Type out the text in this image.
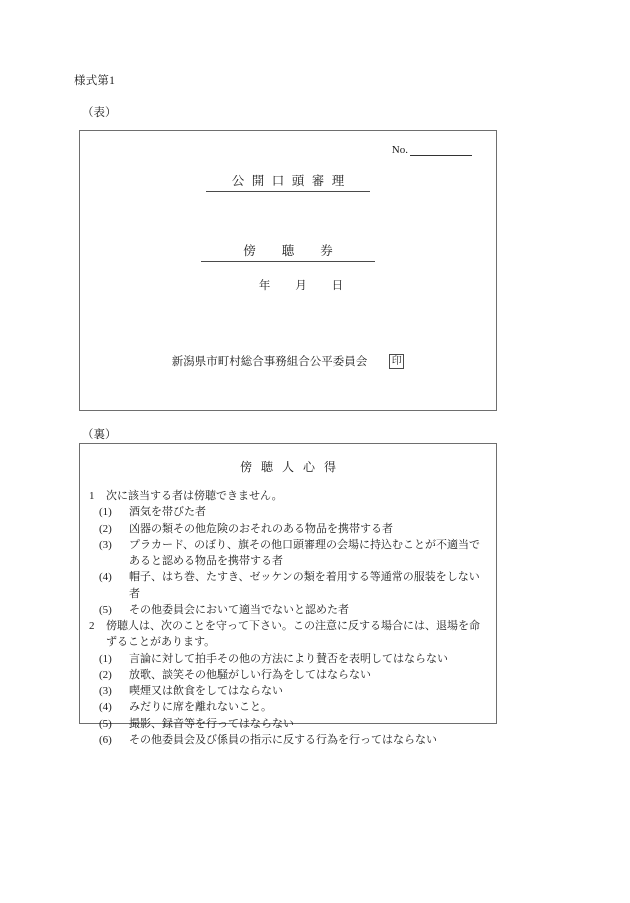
様式第1
（表）
No.
公開口頭審理
傍聴券
年 月 日
新潟県市町村総合事務組合公平委員会 印
（裏）
傍聴人心得
1	次に該当する者は傍聴できません。
(1)	酒気を帯びた者
(2)	凶器の類その他危険のおそれのある物品を携帯する者
(3)	プラカード、のぼり、旗その他口頭審理の会場に持込むことが不適当であると認める物品を携帯する者
(4)	帽子、はち巻、たすき、ゼッケンの類を着用する等通常の服装をしない者
(5)	その他委員会において適当でないと認めた者
2	傍聴人は、次のことを守って下さい。この注意に反する場合には、退場を命ずることがあります。
(1)	言論に対して拍手その他の方法により賛否を表明してはならない
(2)	放歌、談笑その他騒がしい行為をしてはならない
(3)	喫煙又は飲食をしてはならない
(4)	みだりに席を離れないこと。
(5)	撮影、録音等を行ってはならない
(6)	その他委員会及び係員の指示に反する行為を行ってはならない
